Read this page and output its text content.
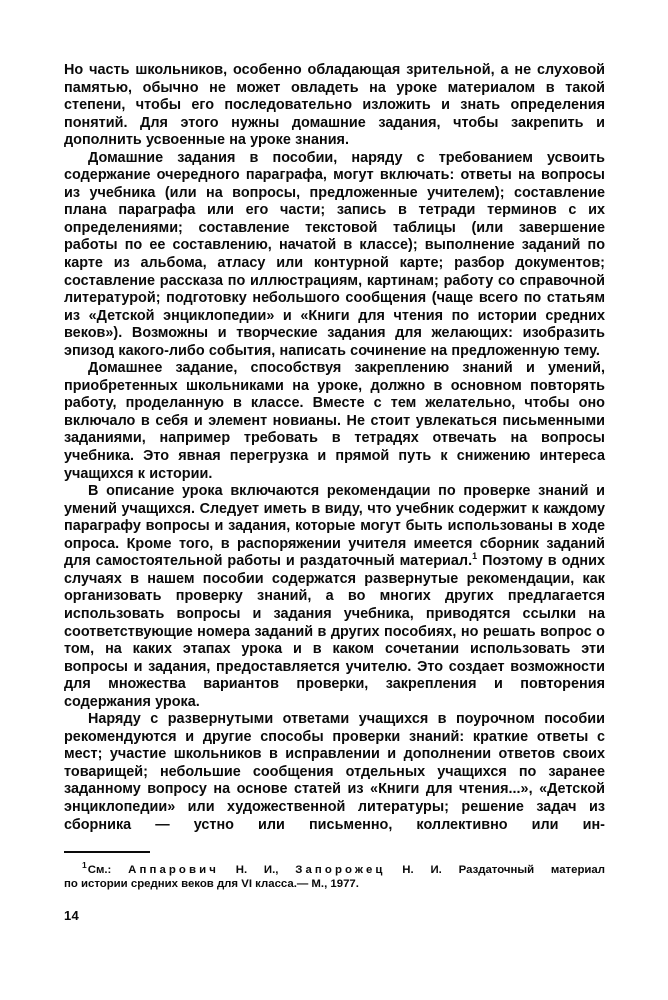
Но часть школьников, особенно обладающая зрительной, а не слуховой памятью, обычно не может овладеть на уроке материалом в такой степени, чтобы его последовательно изложить и знать определения понятий. Для этого нужны домашние задания, чтобы закрепить и дополнить усвоенные на уроке знания.

Домашние задания в пособии, наряду с требованием усвоить содержание очередного параграфа, могут включать: ответы на вопросы из учебника (или на вопросы, предложенные учителем); составление плана параграфа или его части; запись в тетради терминов с их определениями; составление текстовой таблицы (или завершение работы по ее составлению, начатой в классе); выполнение заданий по карте из альбома, атласу или контурной карте; разбор документов; составление рассказа по иллюстрациям, картинам; работу со справочной литературой; подготовку небольшого сообщения (чаще всего по статьям из «Детской энциклопедии» и «Книги для чтения по истории средних веков»). Возможны и творческие задания для желающих: изобразить эпизод какого-либо события, написать сочинение на предложенную тему.

Домашнее задание, способствуя закреплению знаний и умений, приобретенных школьниками на уроке, должно в основном повторять работу, проделанную в классе. Вместе с тем желательно, чтобы оно включало в себя и элемент новианы. Не стоит увлекаться письменными заданиями, например требовать в тетрадях отвечать на вопросы учебника. Это явная перегрузка и прямой путь к снижению интереса учащихся к истории.

В описание урока включаются рекомендации по проверке знаний и умений учащихся. Следует иметь в виду, что учебник содержит к каждому параграфу вопросы и задания, которые могут быть использованы в ходе опроса. Кроме того, в распоряжении учителя имеется сборник заданий для самостоятельной работы и раздаточный материал.$^1$ Поэтому в одних случаях в нашем пособии содержатся развернутые рекомендации, как организовать проверку знаний, а во многих других предлагается использовать вопросы и задания учебника, приводятся ссылки на соответствующие номера заданий в других пособиях, но решать вопрос о том, на каких этапах урока и в каком сочетании использовать эти вопросы и задания, предоставляется учителю. Это создает возможности для множества вариантов проверки, закрепления и повторения содержания урока.

Наряду с развернутыми ответами учащихся в поурочном пособии рекомендуются и другие способы проверки знаний: краткие ответы с мест; участие школьников в исправлении и дополнении ответов своих товарищей; небольшие сообщения отдельных учащихся по заранее заданному вопросу на основе статей из «Книги для чтения...», «Детской энциклопедии» или художественной литературы; решение задач из сборника — устно или письменно, коллективно или ин-

$^1$См.: Аппарович Н. И., Запорожец Н. И. Раздаточный материал

по истории средних веков для VI класса.— М., 1977.

14
